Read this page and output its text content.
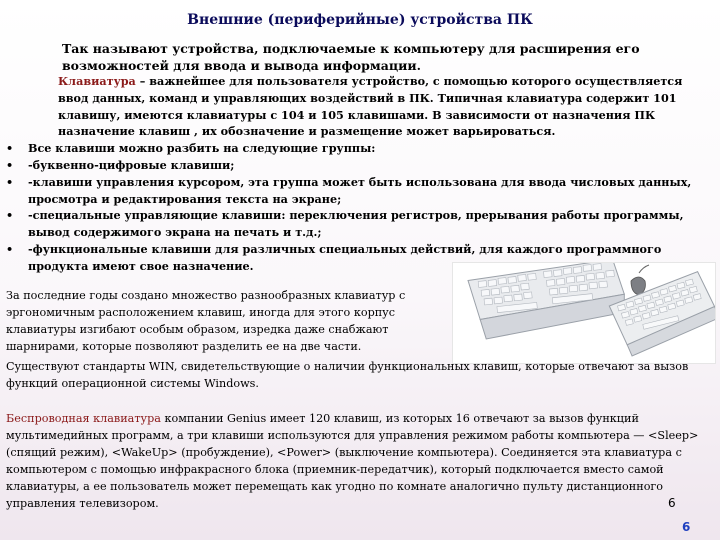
Внешние (периферийные) устройства ПК
Так называют устройства, подключаемые к компьютеру для расширения его возможностей для ввода и вывода информации.
Клавиатура – важнейшее для пользователя устройство, с помощью которого осуществляется ввод данных, команд и управляющих воздействий в ПК. Типичная клавиатура содержит 101 клавишу, имеются клавиатуры с 104 и 105 клавишами. В зависимости от назначения ПК назначение клавиш , их обозначение и размещение может варьироваться.
•	Все клавиши можно разбить на следующие группы:
•	-буквенно-цифровые клавиши;
•	-клавиши управления курсором, эта группа может быть использована для ввода числовых данных, просмотра и редактирования текста на экране;
•	-специальные управляющие клавиши: переключения регистров, прерывания работы программы, вывод содержимого экрана на печать и т.д.;
•	-функциональные клавиши для различных специальных действий, для каждого программного продукта имеют свое назначение.
За последние годы создано множество разнообразных клавиатур с эргономичным расположением клавиш, иногда для этого корпус клавиатуры изгибают особым образом, изредка даже снабжают шарнирами, которые позволяют разделить ее на две части.
Существуют стандарты WIN, свидетельствующие о наличии функциональных клавиш, которые отвечают за вызов функций операционной системы Windows.
Беспроводная клавиатура компании Genius имеет 120 клавиш, из которых 16 отвечают за вызов функций мультимедийных программ, а три клавиши используются для управления режимом работы компьютера — <Sleep> (спящий режим), <WakeUp> (пробуждение), <Power> (выключение компьютера). Соединяется эта клавиатура с компьютером с помощью инфракрасного блока (приемник-передатчик), который подключается вместо самой клавиатуры, а ее пользователь может перемещать как угодно по комнате аналогично пульту дистанционного управления телевизором.	6
6
